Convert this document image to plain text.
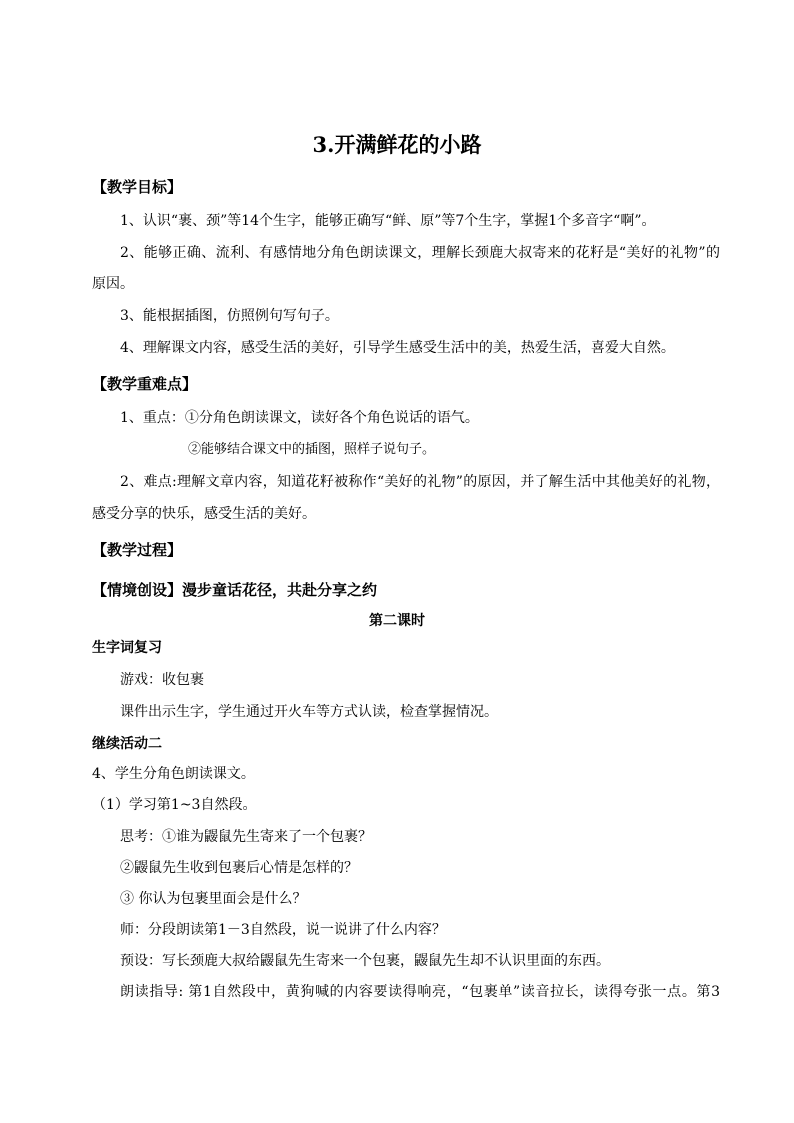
3.开满鲜花的小路
【教学目标】
1、认识“裹、颈”等14个生字，能够正确写“鲜、原”等7个生字，掌握1个多音字“啊”。
2、能够正确、流利、有感情地分角色朗读课文，理解长颈鹿大叔寄来的花籽是“美好的礼物”的
原因。
3、能根据插图，仿照例句写句子。
4、理解课文内容，感受生活的美好，引导学生感受生活中的美，热爱生活，喜爱大自然。
【教学重难点】
1、重点：①分角色朗读课文，读好各个角色说话的语气。
②能够结合课文中的插图，照样子说句子。
2、难点:理解文章内容，知道花籽被称作“美好的礼物”的原因，并了解生活中其他美好的礼物，
感受分享的快乐，感受生活的美好。
【教学过程】
【情境创设】漫步童话花径，共赴分享之约
第二课时
生字词复习
游戏：收包裹
课件出示生字，学生通过开火车等方式认读，检查掌握情况。
继续活动二
4、学生分角色朗读课文。
（1）学习第1~3自然段。
思考：①谁为鼹鼠先生寄来了一个包裹？
②鼹鼠先生收到包裹后心情是怎样的？
③ 你认为包裹里面会是什么？
师：分段朗读第1－3自然段，说一说讲了什么内容？
预设：写长颈鹿大叔给鼹鼠先生寄来一个包裹，鼹鼠先生却不认识里面的东西。
朗读指导: 第1自然段中，黄狗喊的内容要读得响亮，“包裹单”读音拉长，读得夸张一点。第3
